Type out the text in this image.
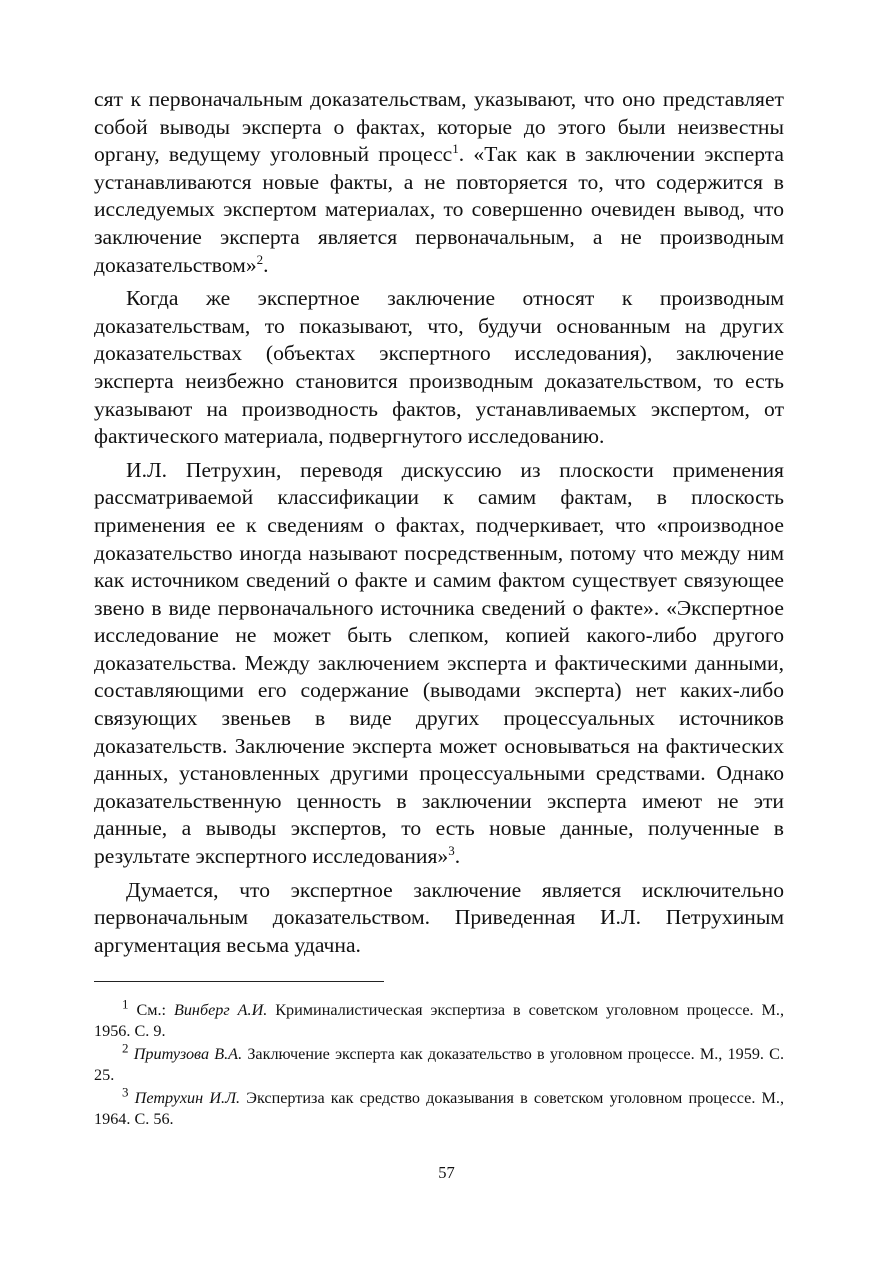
сят к первоначальным доказательствам, указывают, что оно представляет собой выводы эксперта о фактах, которые до этого были неизвестны органу, ведущему уголовный процесс$^1$. «Так как в заключении эксперта устанавливаются новые факты, а не повторяется то, что содержится в исследуемых экспертом материалах, то совершенно очевиден вывод, что заключение эксперта является первоначальным, а не производным доказательством»$^2$.

Когда же экспертное заключение относят к производным доказательствам, то показывают, что, будучи основанным на других доказательствах (объектах экспертного исследования), заключение эксперта неизбежно становится производным доказательством, то есть указывают на производность фактов, устанавливаемых экспертом, от фактического материала, подвергнутого исследованию.

И.Л. Петрухин, переводя дискуссию из плоскости применения рассматриваемой классификации к самим фактам, в плоскость применения ее к сведениям о фактах, подчеркивает, что «производное доказательство иногда называют посредственным, потому что между ним как источником сведений о факте и самим фактом существует связующее звено в виде первоначального источника сведений о факте». «Экспертное исследование не может быть слепком, копией какого-либо другого доказательства. Между заключением эксперта и фактическими данными, составляющими его содержание (выводами эксперта) нет каких-либо связующих звеньев в виде других процессуальных источников доказательств. Заключение эксперта может основываться на фактических данных, установленных другими процессуальными средствами. Однако доказательственную ценность в заключении эксперта имеют не эти данные, а выводы экспертов, то есть новые данные, полученные в результате экспертного исследования»$^3$.

Думается, что экспертное заключение является исключительно первоначальным доказательством. Приведенная И.Л. Петрухиным аргументация весьма удачна.

$^1$ См.: Винберг А.И. Криминалистическая экспертиза в советском уголовном процессе. М., 1956. С. 9.

$^2$ Притузова В.А. Заключение эксперта как доказательство в уголовном процессе. М., 1959. С. 25.

$^3$ Петрухин И.Л. Экспертиза как средство доказывания в советском уголовном процессе. М., 1964. С. 56.

57
